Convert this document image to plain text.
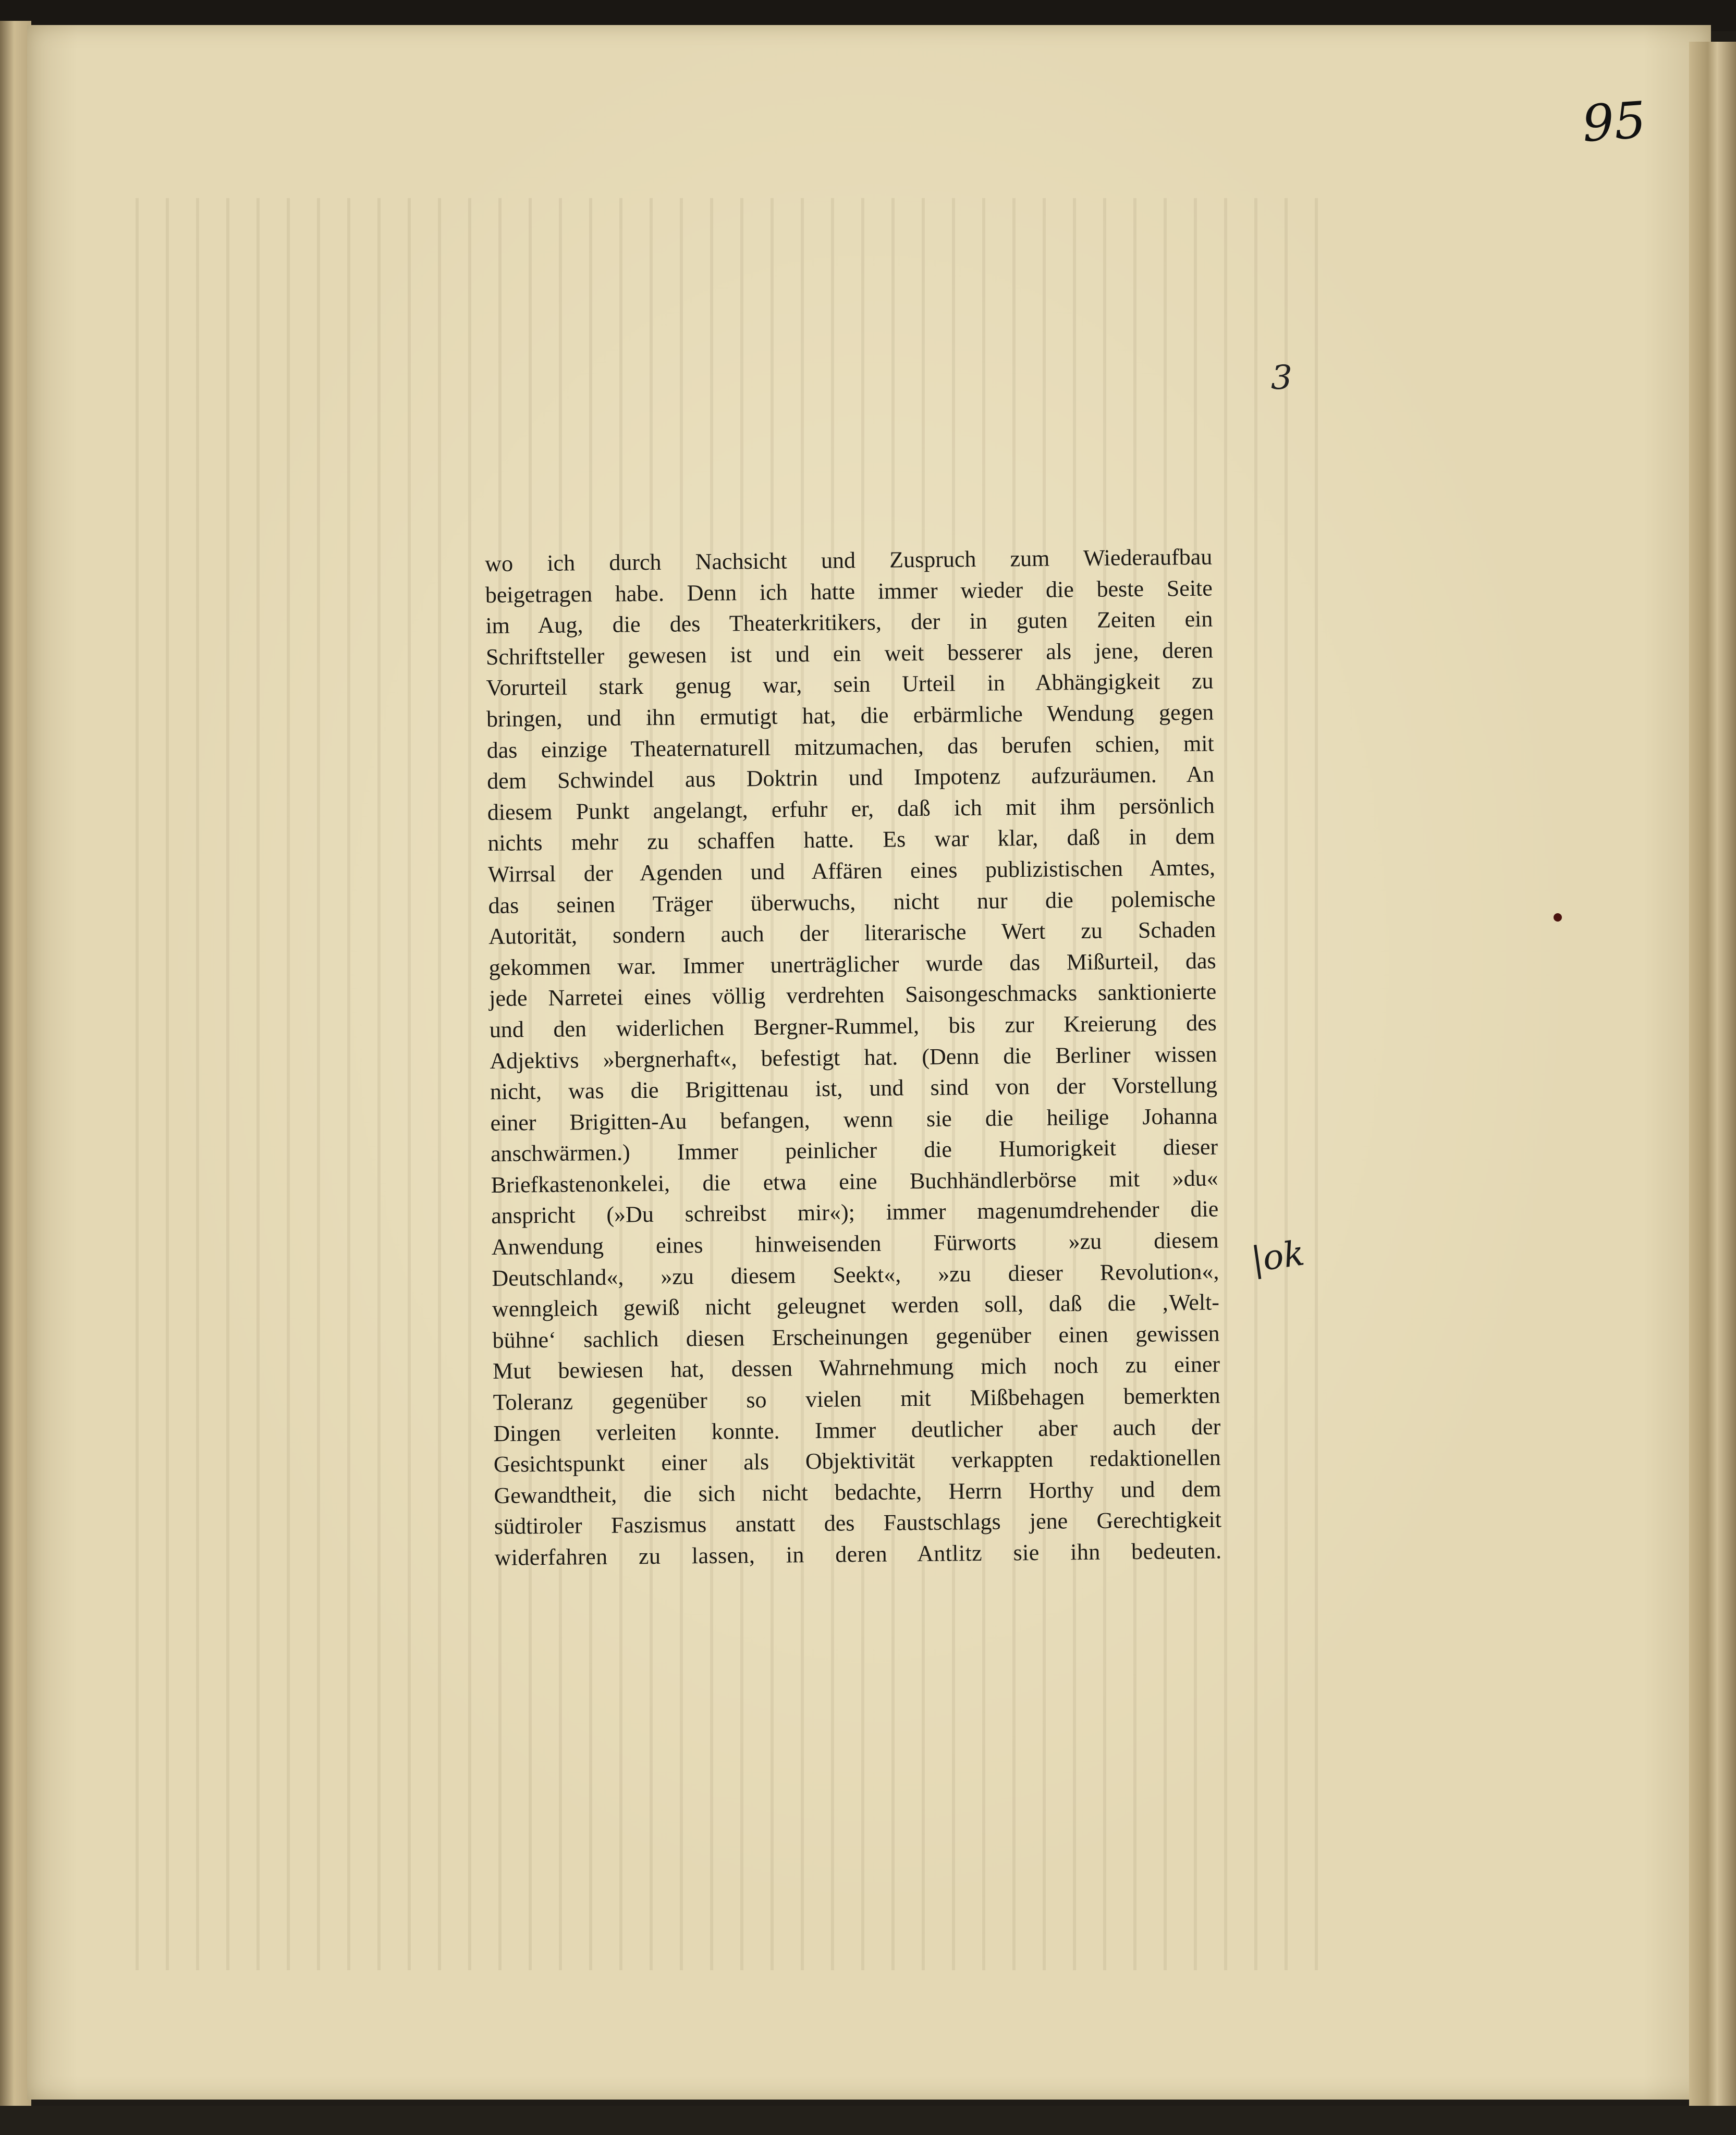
95
3
|ok
wo ich durch Nachsicht und Zuspruch zum Wiederaufbau
beigetragen habe. Denn ich hatte immer wieder die beste Seite
im Aug, die des Theaterkritikers, der in guten Zeiten ein
Schriftsteller gewesen ist und ein weit besserer als jene, deren
Vorurteil stark genug war, sein Urteil in Abhängigkeit zu
bringen, und ihn ermutigt hat, die erbärmliche Wendung gegen
das einzige Theaternaturell mitzumachen, das berufen schien, mit
dem Schwindel aus Doktrin und Impotenz aufzuräumen. An
diesem Punkt angelangt, erfuhr er, daß ich mit ihm persönlich
nichts mehr zu schaffen hatte. Es war klar, daß in dem
Wirrsal der Agenden und Affären eines publizistischen Amtes,
das seinen Träger überwuchs, nicht nur die polemische
Autorität, sondern auch der literarische Wert zu Schaden
gekommen war. Immer unerträglicher wurde das Mißurteil, das
jede Narretei eines völlig verdrehten Saisongeschmacks sanktionierte
und den widerlichen Bergner-Rummel, bis zur Kreierung des
Adjektivs »bergnerhaft«, befestigt hat. (Denn die Berliner wissen
nicht, was die Brigittenau ist, und sind von der Vorstellung
einer Brigitten-Au befangen, wenn sie die heilige Johanna
anschwärmen.) Immer peinlicher die Humorigkeit dieser
Briefkastenonkelei, die etwa eine Buchhändlerbörse mit »du«
anspricht (»Du schreibst mir«); immer magenumdrehender die
Anwendung eines hinweisenden Fürworts »zu diesem
Deutschland«, »zu diesem Seekt«, »zu dieser Revolution«,
wenngleich gewiß nicht geleugnet werden soll, daß die ‚Welt-
bühne‘ sachlich diesen Erscheinungen gegenüber einen gewissen
Mut bewiesen hat, dessen Wahrnehmung mich noch zu einer
Toleranz gegenüber so vielen mit Mißbehagen bemerkten
Dingen verleiten konnte. Immer deutlicher aber auch der
Gesichtspunkt einer als Objektivität verkappten redaktionellen
Gewandtheit, die sich nicht bedachte, Herrn Horthy und dem
südtiroler Faszismus anstatt des Faustschlags jene Gerechtigkeit
widerfahren zu lassen, in deren Antlitz sie ihn bedeuten.
